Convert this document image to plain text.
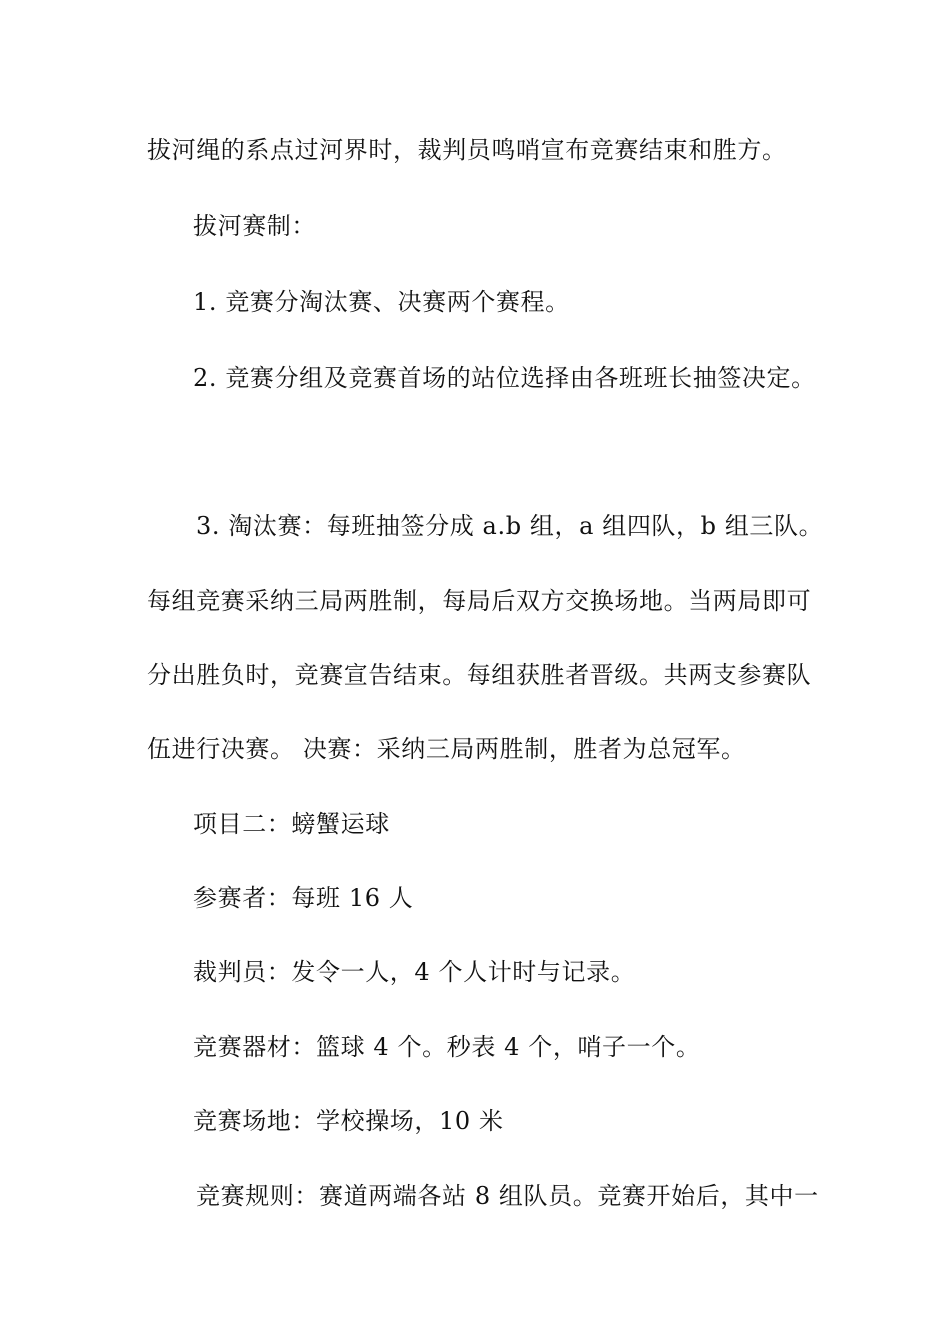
拔河绳的系点过河界时，裁判员鸣哨宣布竞赛结束和胜方。
拔河赛制：
1. 竞赛分淘汰赛、决赛两个赛程。
2. 竞赛分组及竞赛首场的站位选择由各班班长抽签决定。
3. 淘汰赛：每班抽签分成 a.b 组，a 组四队，b 组三队。
每组竞赛采纳三局两胜制，每局后双方交换场地。当两局即可
分出胜负时，竞赛宣告结束。每组获胜者晋级。共两支参赛队
伍进行决赛。 决赛：采纳三局两胜制，胜者为总冠军。
项目二：螃蟹运球
参赛者：每班 16 人
裁判员：发令一人，4 个人计时与记录。
竞赛器材：篮球 4 个。秒表 4 个，哨子一个。
竞赛场地：学校操场，10 米
竞赛规则：赛道两端各站 8 组队员。竞赛开始后，其中一
